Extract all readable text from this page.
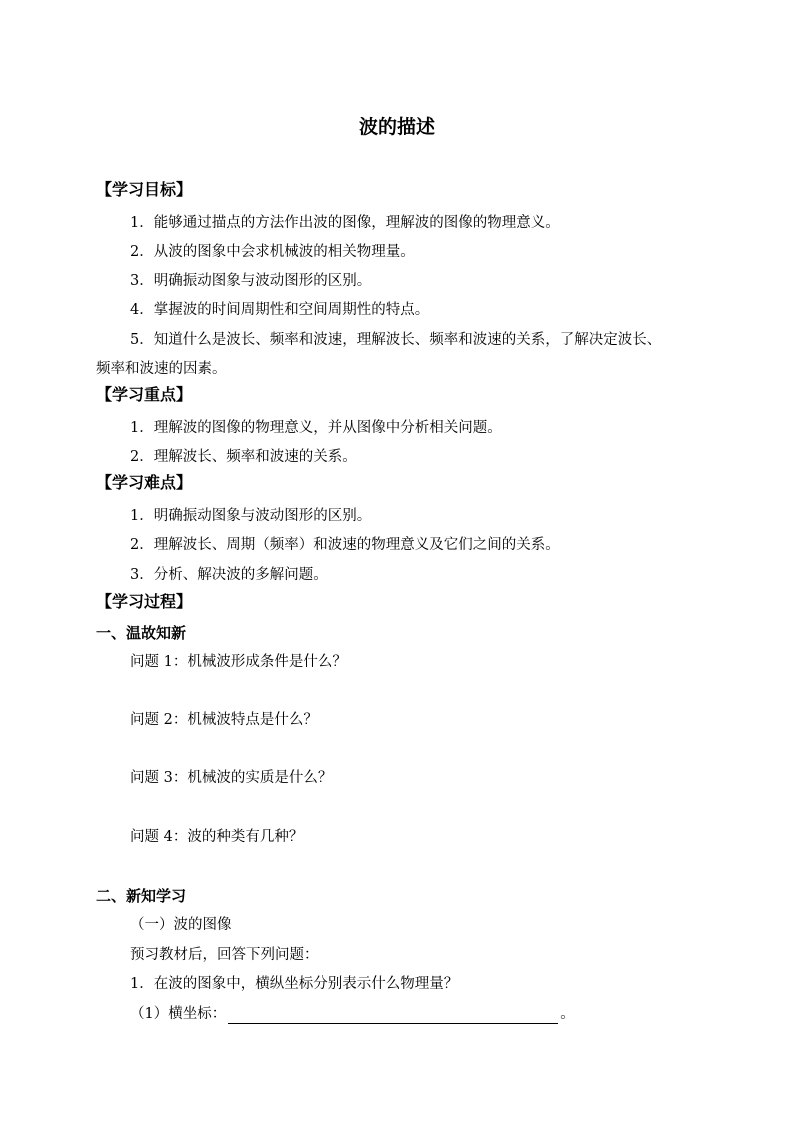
波的描述
【学习目标】
1．能够通过描点的方法作出波的图像，理解波的图像的物理意义。
2．从波的图象中会求机械波的相关物理量。
3．明确振动图象与波动图形的区别。
4．掌握波的时间周期性和空间周期性的特点。
5．知道什么是波长、频率和波速，理解波长、频率和波速的关系，了解决定波长、
频率和波速的因素。
【学习重点】
1．理解波的图像的物理意义，并从图像中分析相关问题。
2．理解波长、频率和波速的关系。
【学习难点】
1．明确振动图象与波动图形的区别。
2．理解波长、周期（频率）和波速的物理意义及它们之间的关系。
3．分析、解决波的多解问题。
【学习过程】
一、温故知新
问题 1：机械波形成条件是什么？
问题 2：机械波特点是什么？
问题 3：机械波的实质是什么？
问题 4：波的种类有几种？
二、新知学习
（一）波的图像
预习教材后，回答下列问题：
1．在波的图象中，横纵坐标分别表示什么物理量？
（1）横坐标：	。
